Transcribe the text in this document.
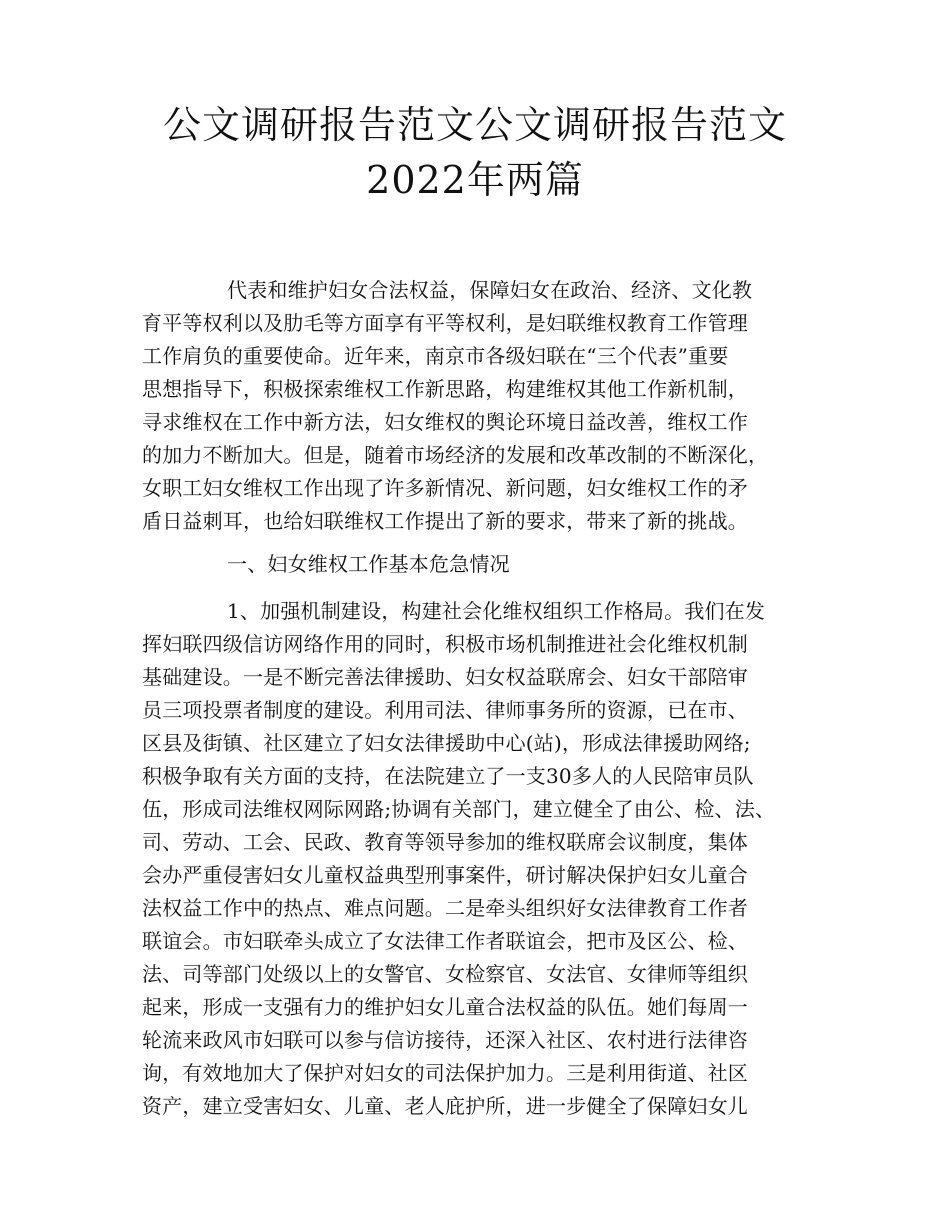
公文调研报告范文公文调研报告范文
2022年两篇
代表和维护妇女合法权益，保障妇女在政治、经济、文化教
育平等权利以及肋毛等方面享有平等权利，是妇联维权教育工作管理
工作肩负的重要使命。近年来，南京市各级妇联在“三个代表”重要
思想指导下，积极探索维权工作新思路，构建维权其他工作新机制，
寻求维权在工作中新方法，妇女维权的舆论环境日益改善，维权工作
的加力不断加大。但是，随着市场经济的发展和改革改制的不断深化，
女职工妇女维权工作出现了许多新情况、新问题，妇女维权工作的矛
盾日益刺耳，也给妇联维权工作提出了新的要求，带来了新的挑战。
一、妇女维权工作基本危急情况
1、加强机制建设，构建社会化维权组织工作格局。我们在发
挥妇联四级信访网络作用的同时，积极市场机制推进社会化维权机制
基础建设。一是不断完善法律援助、妇女权益联席会、妇女干部陪审
员三项投票者制度的建设。利用司法、律师事务所的资源，已在市、
区县及街镇、社区建立了妇女法律援助中心(站)，形成法律援助网络;
积极争取有关方面的支持，在法院建立了一支30多人的人民陪审员队
伍，形成司法维权网际网路;协调有关部门，建立健全了由公、检、法、
司、劳动、工会、民政、教育等领导参加的维权联席会议制度，集体
会办严重侵害妇女儿童权益典型刑事案件，研讨解决保护妇女儿童合
法权益工作中的热点、难点问题。二是牵头组织好女法律教育工作者
联谊会。市妇联牵头成立了女法律工作者联谊会，把市及区公、检、
法、司等部门处级以上的女警官、女检察官、女法官、女律师等组织
起来，形成一支强有力的维护妇女儿童合法权益的队伍。她们每周一
轮流来政风市妇联可以参与信访接待，还深入社区、农村进行法律咨
询，有效地加大了保护对妇女的司法保护加力。三是利用街道、社区
资产，建立受害妇女、儿童、老人庇护所，进一步健全了保障妇女儿
